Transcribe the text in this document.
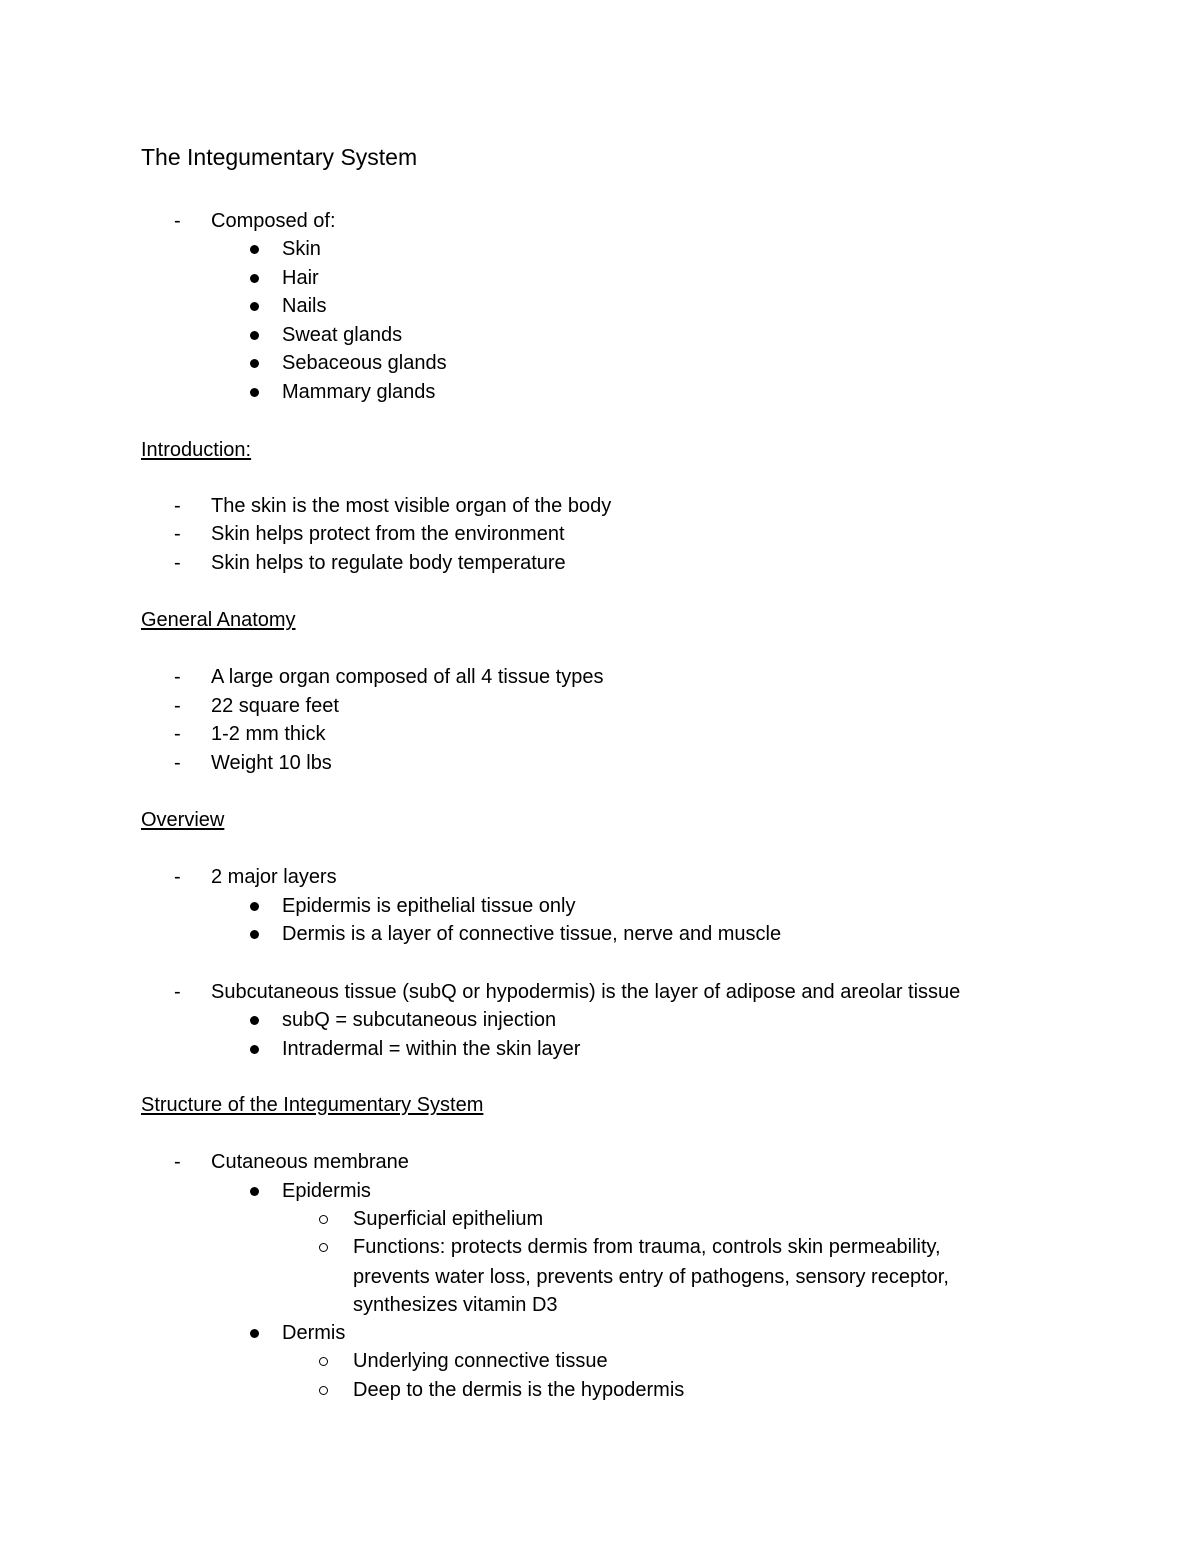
The Integumentary System
- Composed of:
Skin
Hair
Nails
Sweat glands
Sebaceous glands
Mammary glands
Introduction:
- The skin is the most visible organ of the body
- Skin helps protect from the environment
- Skin helps to regulate body temperature
General Anatomy
- A large organ composed of all 4 tissue types
- 22 square feet
- 1-2 mm thick
- Weight 10 lbs
Overview
- 2 major layers
Epidermis is epithelial tissue only
Dermis is a layer of connective tissue, nerve and muscle
- Subcutaneous tissue (subQ or hypodermis) is the layer of adipose and areolar tissue
subQ = subcutaneous injection
Intradermal = within the skin layer
Structure of the Integumentary System
- Cutaneous membrane
Epidermis
Superficial epithelium
Functions: protects dermis from trauma, controls skin permeability,
prevents water loss, prevents entry of pathogens, sensory receptor,
synthesizes vitamin D3
Dermis
Underlying connective tissue
Deep to the dermis is the hypodermis
